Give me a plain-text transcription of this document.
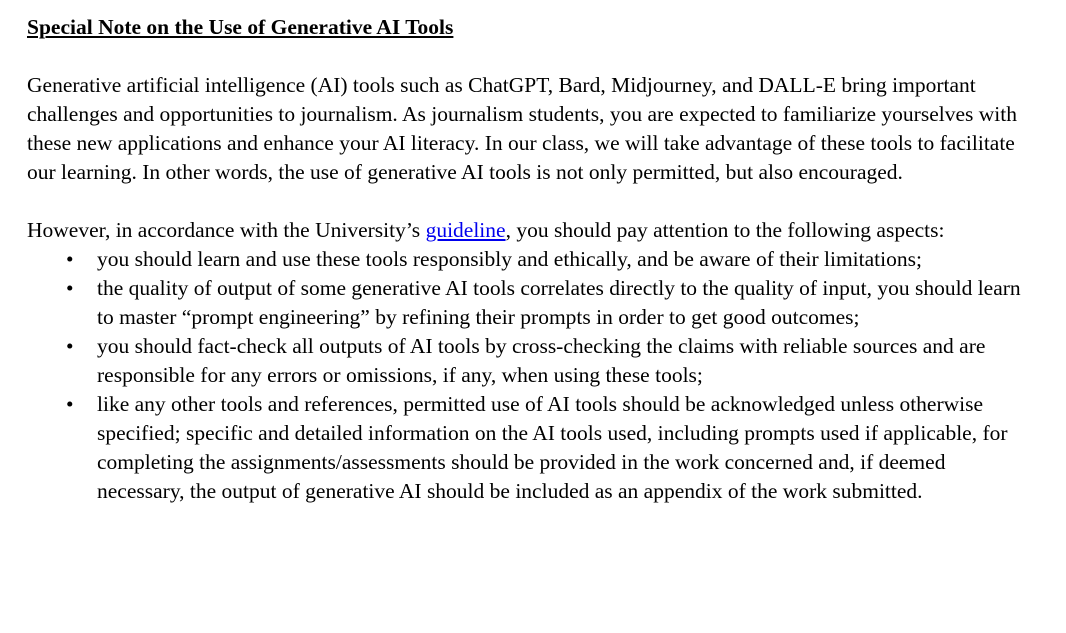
Special Note on the Use of Generative AI Tools

Generative artificial intelligence (AI) tools such as ChatGPT, Bard, Midjourney, and DALL-E bring important challenges and opportunities to journalism. As journalism students, you are expected to familiarize yourselves with these new applications and enhance your AI literacy. In our class, we will take advantage of these tools to facilitate our learning. In other words, the use of generative AI tools is not only permitted, but also encouraged.

However, in accordance with the University’s guideline, you should pay attention to the following aspects:

• you should learn and use these tools responsibly and ethically, and be aware of their limitations;
• the quality of output of some generative AI tools correlates directly to the quality of input, you should learn to master “prompt engineering” by refining their prompts in order to get good outcomes;
• you should fact-check all outputs of AI tools by cross-checking the claims with reliable sources and are responsible for any errors or omissions, if any, when using these tools;
• like any other tools and references, permitted use of AI tools should be acknowledged unless otherwise specified; specific and detailed information on the AI tools used, including prompts used if applicable, for completing the assignments/assessments should be provided in the work concerned and, if deemed necessary, the output of generative AI should be included as an appendix of the work submitted.
